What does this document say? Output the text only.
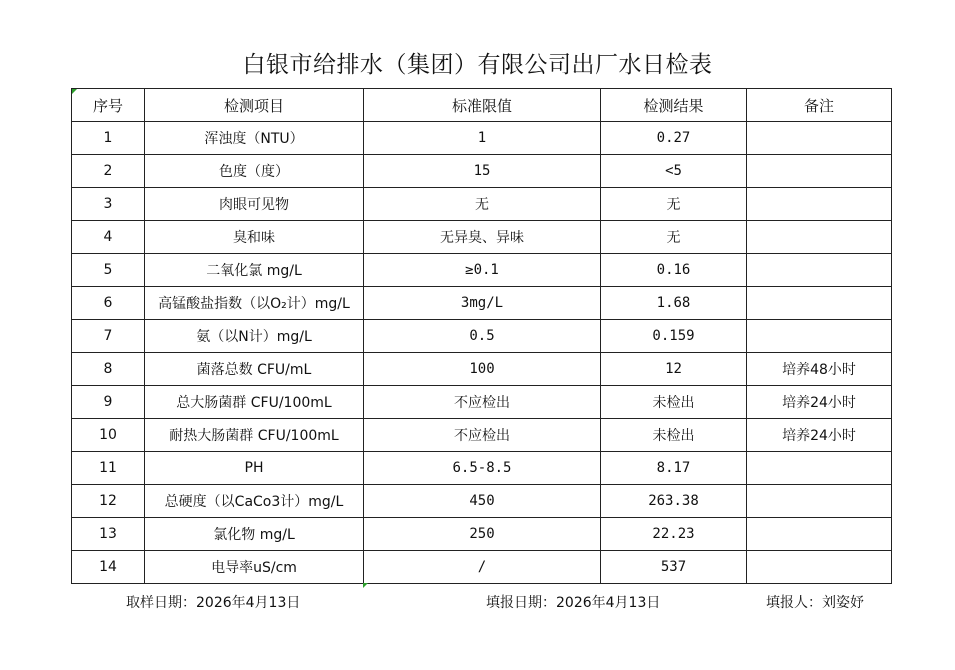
白银市给排水（集团）有限公司出厂水日检表
序号	检测项目	标准限值	检测结果	备注
1	浑浊度（NTU）	1	0.27	
2	色度（度）	15	<5	
3	肉眼可见物	无	无	
4	臭和味	无异臭、异味	无	
5	二氧化氯 mg/L	≥0.1	0.16	
6	高锰酸盐指数（以O₂计）mg/L	3mg/L	1.68	
7	氨（以N计）mg/L	0.5	0.159	
8	菌落总数 CFU/mL	100	12	培养48小时
9	总大肠菌群 CFU/100mL	不应检出	未检出	培养24小时
10	耐热大肠菌群 CFU/100mL	不应检出	未检出	培养24小时
11	PH	6.5-8.5	8.17	
12	总硬度（以CaCo3计）mg/L	450	263.38	
13	氯化物 mg/L	250	22.23	
14	电导率uS/cm	/	537	
取样日期：2026年4月13日	填报日期：2026年4月13日	填报人：刘姿妤
